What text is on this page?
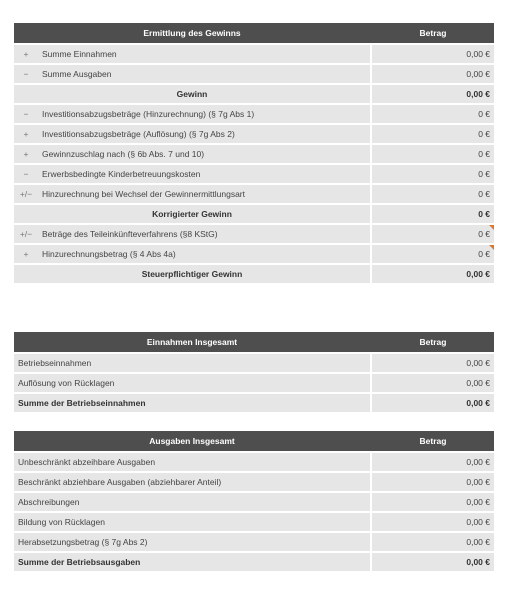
Ermittlung des Gewinns			Betrag
+	Summe Einnahmen		0,00 €
−	Summe Ausgaben		0,00 €
Gewinn			0,00 €
−	Investitionsabzugsbeträge (Hinzurechnung) (§ 7g Abs 1)		0 €
+	Investitionsabzugsbeträge (Auflösung) (§ 7g Abs 2)		0 €
+	Gewinnzuschlag nach (§ 6b Abs. 7 und 10)		0 €
−	Erwerbsbedingte Kinderbetreuungskosten		0 €
+/−	Hinzurechnung bei Wechsel der Gewinnermittlungsart		0 €
Korrigierter Gewinn			0 €
+/−	Beträge des Teileinkünfteverfahrens (§8 KStG)		0 €

+	Hinzurechnungsbetrag (§ 4 Abs 4a)		0 €

Steuerpflichtiger Gewinn			0,00 €
Einnahmen Insgesamt		Betrag
Betriebseinnahmen		0,00 €
Auflösung von Rücklagen		0,00 €
Summe der Betriebseinnahmen		0,00 €
Ausgaben Insgesamt		Betrag
Unbeschränkt abzeihbare Ausgaben		0,00 €
Beschränkt abziehbare Ausgaben (abziehbarer Anteil)		0,00 €
Abschreibungen		0,00 €
Bildung von Rücklagen		0,00 €
Herabsetzungsbetrag (§ 7g Abs 2)		0,00 €
Summe der Betriebsausgaben		0,00 €
